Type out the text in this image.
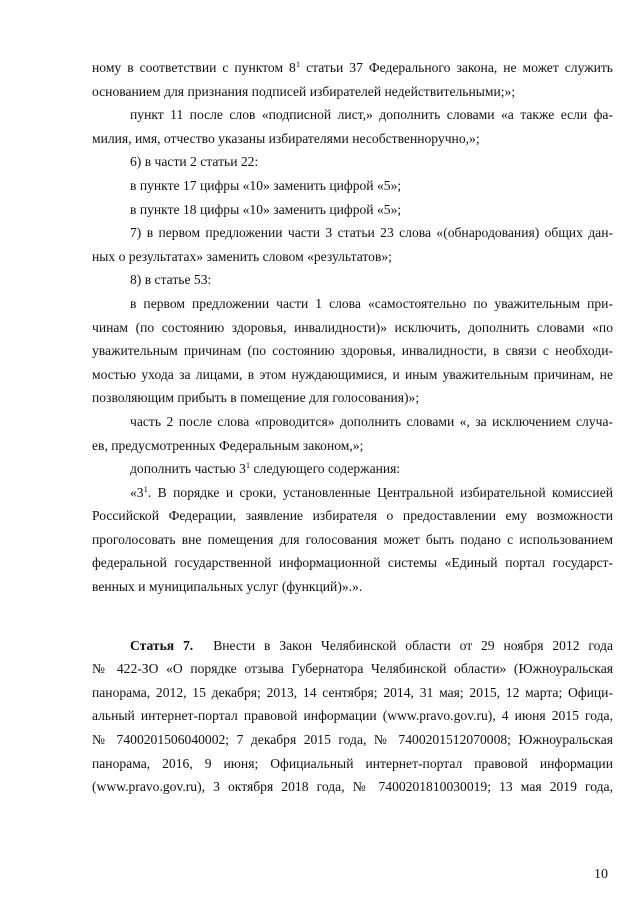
ному в соответствии с пунктом $8^1$ статьи 37 Федерального закона, не может служить
основанием для признания подписей избирателей недействительными;»;
пункт 11 после слов «подписной лист,» дополнить словами «а также если фа-
милия, имя, отчество указаны избирателями несобственноручно,»;
6) в части 2 статьи 22:
в пункте 17 цифры «10» заменить цифрой «5»;
в пункте 18 цифры «10» заменить цифрой «5»;
7) в первом предложении части 3 статьи 23 слова «(обнародования) общих дан-
ных о результатах» заменить словом «результатов»;
8) в статье 53:
в первом предложении части 1 слова «самостоятельно по уважительным при-
чинам (по состоянию здоровья, инвалидности)» исключить, дополнить словами «по
уважительным причинам (по состоянию здоровья, инвалидности, в связи с необходи-
мостью ухода за лицами, в этом нуждающимися, и иным уважительным причинам, не
позволяющим прибыть в помещение для голосования)»;
часть 2 после слова «проводится» дополнить словами «, за исключением случа-
ев, предусмотренных Федеральным законом,»;
дополнить частью $3^1$ следующего содержания:
«$3^1$. В порядке и сроки, установленные Центральной избирательной комиссией
Российской Федерации, заявление избирателя о предоставлении ему возможности
проголосовать вне помещения для голосования может быть подано с использованием
федеральной государственной информационной системы «Единый портал государст-
венных и муниципальных услуг (функций)».».
Статья 7. Внести в Закон Челябинской области от 29 ноября 2012 года
№ 422-ЗО «О порядке отзыва Губернатора Челябинской области» (Южноуральская
панорама, 2012, 15 декабря; 2013, 14 сентября; 2014, 31 мая; 2015, 12 марта; Офици-
альный интернет-портал правовой информации (www.pravo.gov.ru), 4 июня 2015 года,
№ 7400201506040002; 7 декабря 2015 года, № 7400201512070008; Южноуральская
панорама, 2016, 9 июня; Официальный интернет-портал правовой информации
(www.pravo.gov.ru), 3 октября 2018 года, № 7400201810030019; 13 мая 2019 года,
10
